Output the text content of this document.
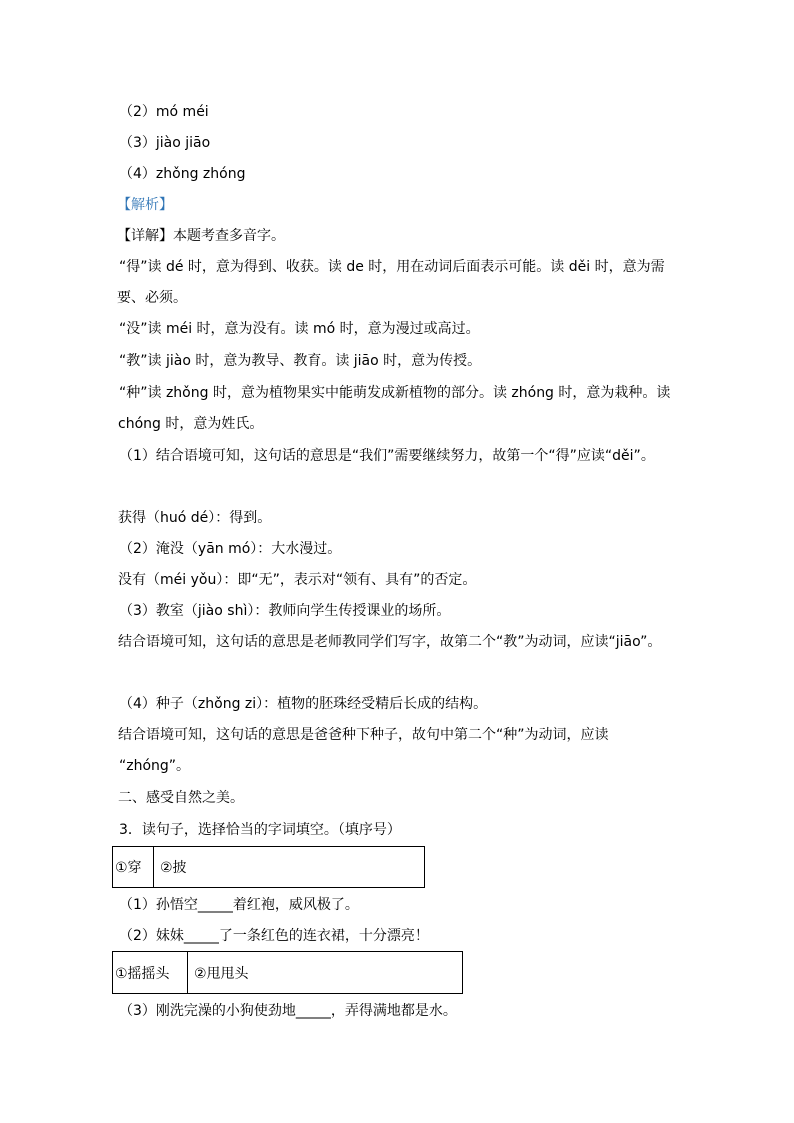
（2）mó méi
（3）jiào jiāo
（4）zhǒng zhóng
【解析】
【详解】本题考查多音字。
“得”读 dé 时，意为得到、收获。读 de 时，用在动词后面表示可能。读 děi 时，意为需
要、必须。
“没”读 méi 时，意为没有。读 mó 时，意为漫过或高过。
“教”读 jiào 时，意为教导、教育。读 jiāo 时，意为传授。
“种”读 zhǒng 时，意为植物果实中能萌发成新植物的部分。读 zhóng 时，意为栽种。读
chóng 时，意为姓氏。
（1）结合语境可知，这句话的意思是“我们”需要继续努力，故第一个“得”应读“děi”。
获得（huó dé）：得到。
（2）淹没（yān mó）：大水漫过。
没有（méi yǒu）：即“无”，表示对“领有、具有”的否定。
（3）教室（jiào shì）：教师向学生传授课业的场所。
结合语境可知，这句话的意思是老师教同学们写字，故第二个“教”为动词，应读“jiāo”。
（4）种子（zhǒng zi）：植物的胚珠经受精后长成的结构。
结合语境可知，这句话的意思是爸爸种下种子，故句中第二个“种”为动词，应读
“zhóng”。
二、感受自然之美。
3．读句子，选择恰当的字词填空。（填序号）
①穿	②披
（1）孙悟空_____着红袍，威风极了。
（2）妹妹_____了一条红色的连衣裙，十分漂亮！
①摇摇头	②甩甩头
（3）刚洗完澡的小狗使劲地_____，弄得满地都是水。
